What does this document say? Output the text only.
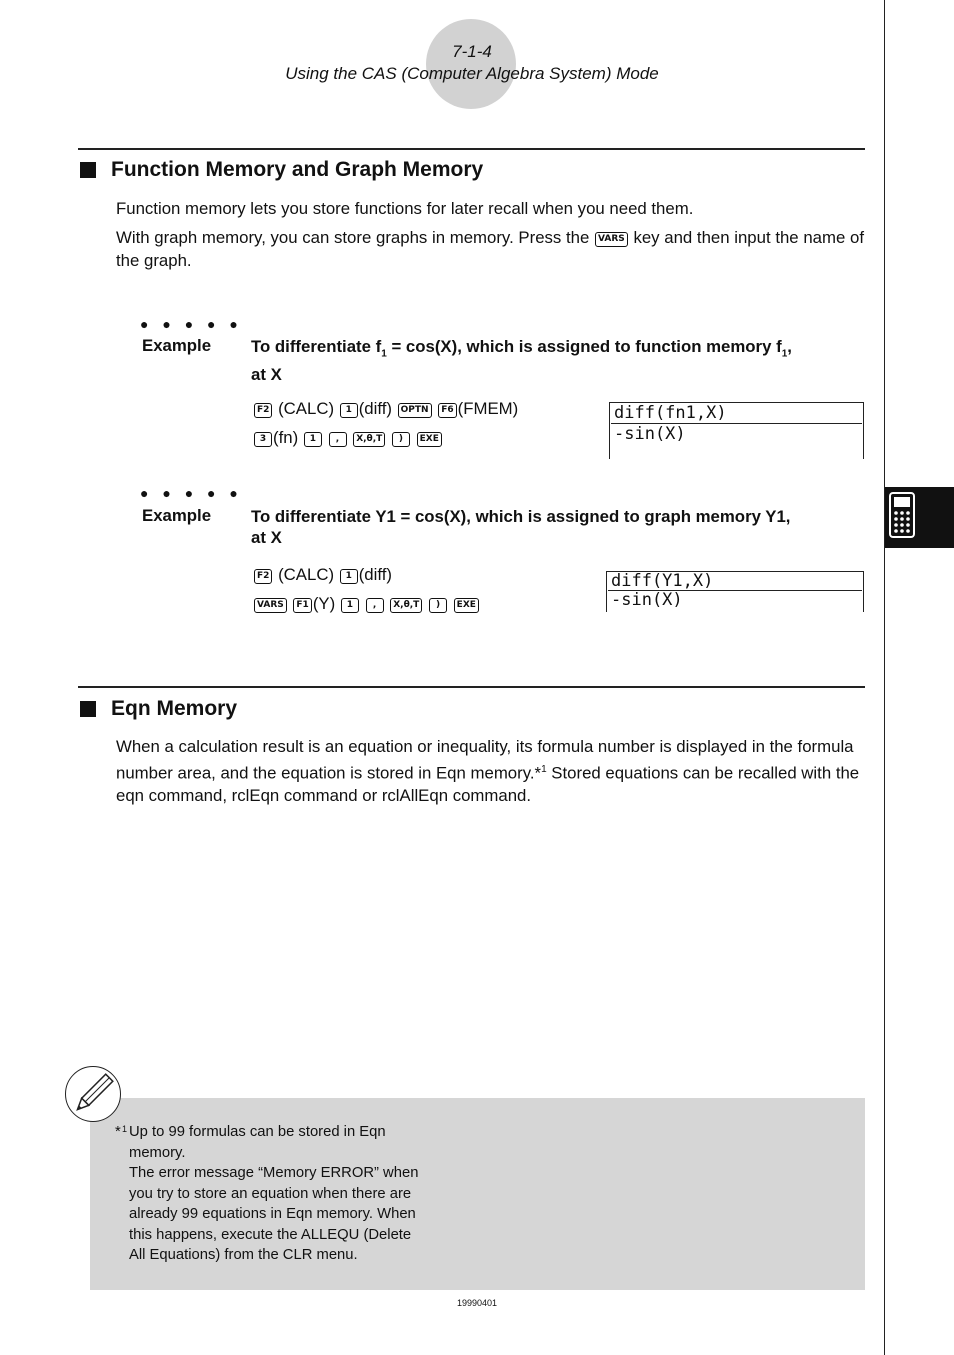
7-1-4
Using the CAS (Computer Algebra System) Mode
Function Memory and Graph Memory
Function memory lets you store functions for later recall when you need them.
With graph memory, you can store graphs in memory. Press the VARS key and then input the name of the graph.
● ● ● ● ●
Example To differentiate $f_1 = \cos(X)$, which is assigned to function memory $f_1$,
at X
F2 (CALC) 1 (diff) OPTN F6 (FMEM)
3 (fn) 1 , X,θ,T ) EXE
diff(fn1,X)
-sin(X)
● ● ● ● ●
Example To differentiate Y1 = cos(X), which is assigned to graph memory Y1,
at X
F2 (CALC) 1 (diff)
VARS F1 (Y) 1 , X,θ,T ) EXE
diff(Y1,X)
-sin(X)
Eqn Memory
When a calculation result is an equation or inequality, its formula number is displayed in the formula number area, and the equation is stored in Eqn memory.*$^1$ Stored equations can be recalled with the eqn command, rclEqn command or rclAllEqn command.
* 1 Up to 99 formulas can be stored in Eqn
memory.
The error message “Memory ERROR” when
you try to store an equation when there are
already 99 equations in Eqn memory. When
this happens, execute the ALLEQU (Delete
All Equations) from the CLR menu.
19990401
